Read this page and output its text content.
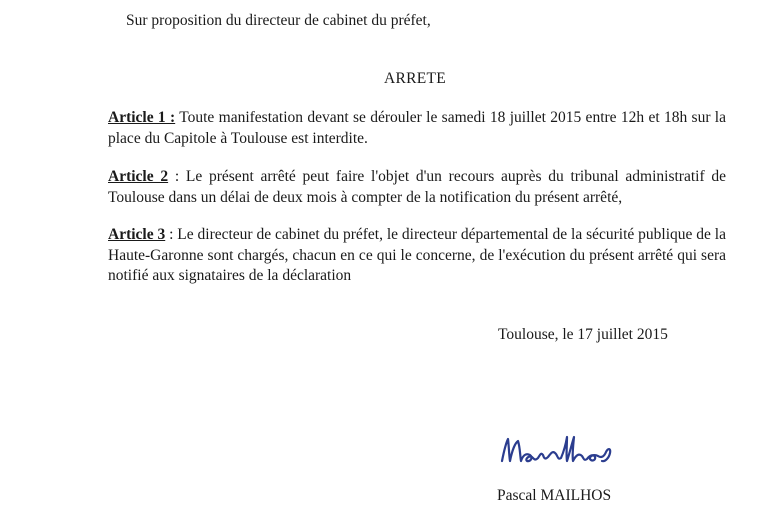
Sur proposition du directeur de cabinet du préfet,
ARRETE
Article 1 : Toute manifestation devant se dérouler le samedi 18 juillet 2015 entre 12h et 18h sur la place du Capitole à Toulouse est interdite.
Article 2 : Le présent arrêté peut faire l'objet d'un recours auprès du tribunal administratif de Toulouse dans un délai de deux mois à compter de la notification du présent arrêté,
Article 3 : Le directeur de cabinet du préfet, le directeur départemental de la sécurité publique de la Haute-Garonne sont chargés, chacun en ce qui le concerne, de l'exécution du présent arrêté qui sera notifié aux signataires de la déclaration
Toulouse, le 17 juillet 2015
Pascal MAILHOS
